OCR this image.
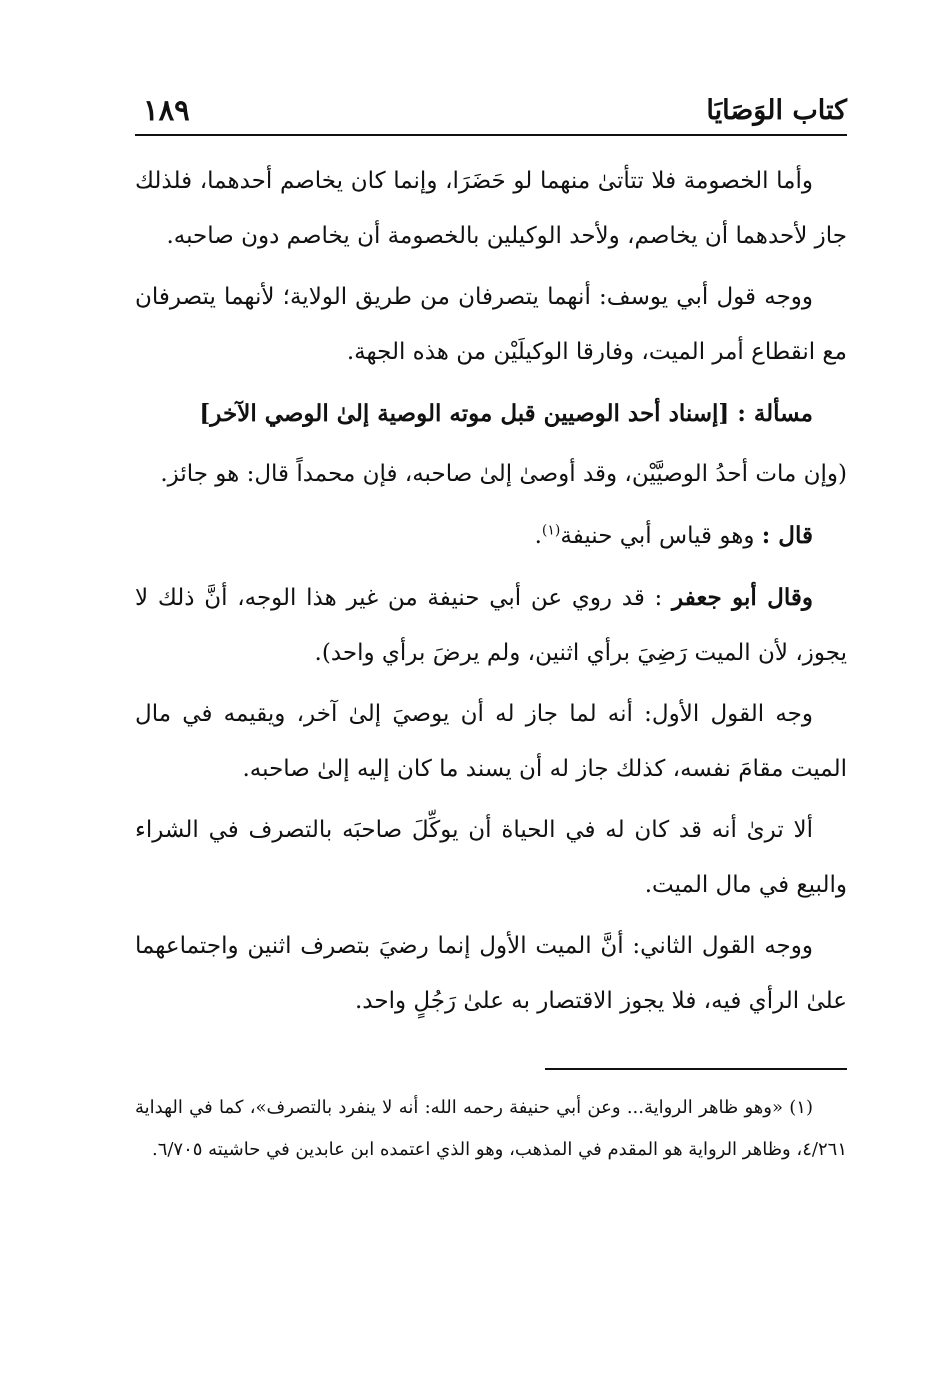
كتاب الوَصَايَا
١٨٩

وأما الخصومة فلا تتأتىٰ منهما لو حَضَرَا، وإنما كان يخاصم أحدهما، فلذلك جاز لأحدهما أن يخاصم، ولأحد الوكيلين بالخصومة أن يخاصم دون صاحبه.

ووجه قول أبي يوسف: أنهما يتصرفان من طريق الولاية؛ لأنهما يتصرفان مع انقطاع أمر الميت، وفارقا الوكيلَيْن من هذه الجهة.

مسألة : [إسناد أحد الوصيين قبل موته الوصية إلىٰ الوصي الآخر]

(وإن مات أحدُ الوصيَّيْن، وقد أوصىٰ إلىٰ صاحبه، فإن محمداً قال: هو جائز.

قال : وهو قياس أبي حنيفة$^{(١)}$.

وقال أبو جعفر : قد روي عن أبي حنيفة من غير هذا الوجه، أنَّ ذلك لا يجوز، لأن الميت رَضِيَ برأي اثنين، ولم يرضَ برأي واحد).

وجه القول الأول: أنه لما جاز له أن يوصيَ إلىٰ آخر، ويقيمه في مال الميت مقامَ نفسه، كذلك جاز له أن يسند ما كان إليه إلىٰ صاحبه.

ألا ترىٰ أنه قد كان له في الحياة أن يوكِّلَ صاحبَه بالتصرف في الشراء والبيع في مال الميت.

ووجه القول الثاني: أنَّ الميت الأول إنما رضيَ بتصرف اثنين واجتماعهما علىٰ الرأي فيه، فلا يجوز الاقتصار به علىٰ رَجُلٍ واحد.

(١) «وهو ظاهر الرواية... وعن أبي حنيفة رحمه الله: أنه لا ينفرد بالتصرف»، كما في الهداية ٤/٢٦١، وظاهر الرواية هو المقدم في المذهب، وهو الذي اعتمده ابن عابدين في حاشيته ٦/٧٠٥.
